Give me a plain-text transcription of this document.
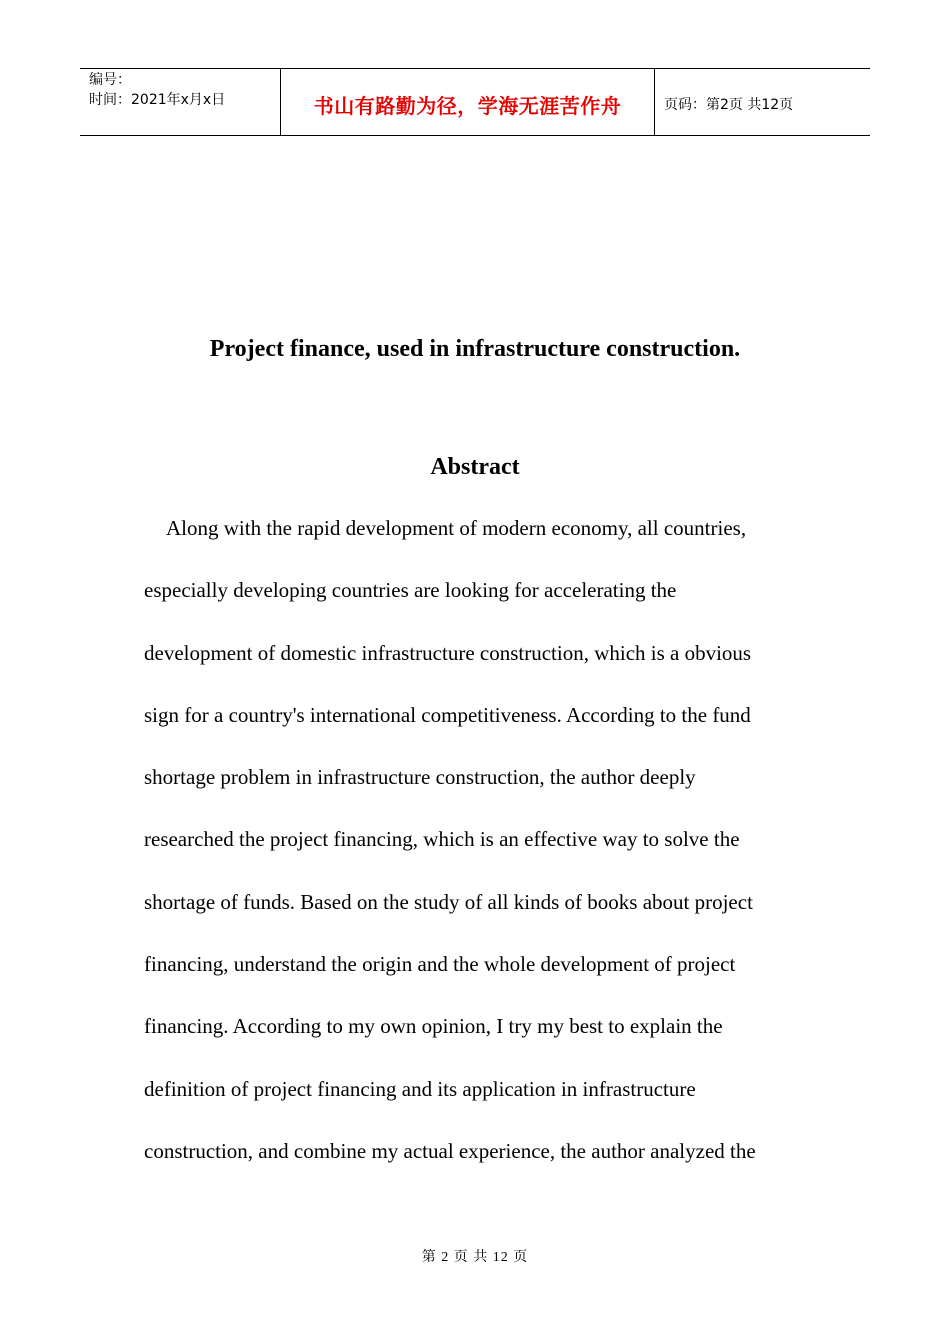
编号：
时间：2021年x月x日	书山有路勤为径，学海无涯苦作舟	页码：第2页 共12页
Project finance, used in infrastructure construction.
Abstract
Along with the rapid development of modern economy, all countries,
especially developing countries are looking for accelerating the
development of domestic infrastructure construction, which is a obvious
sign for a country's international competitiveness. According to the fund
shortage problem in infrastructure construction, the author deeply
researched the project financing, which is an effective way to solve the
shortage of funds. Based on the study of all kinds of books about project
financing, understand the origin and the whole development of project
financing. According to my own opinion, I try my best to explain the
definition of project financing and its application in infrastructure
construction, and combine my actual experience, the author analyzed the
第 2 页 共 12 页
